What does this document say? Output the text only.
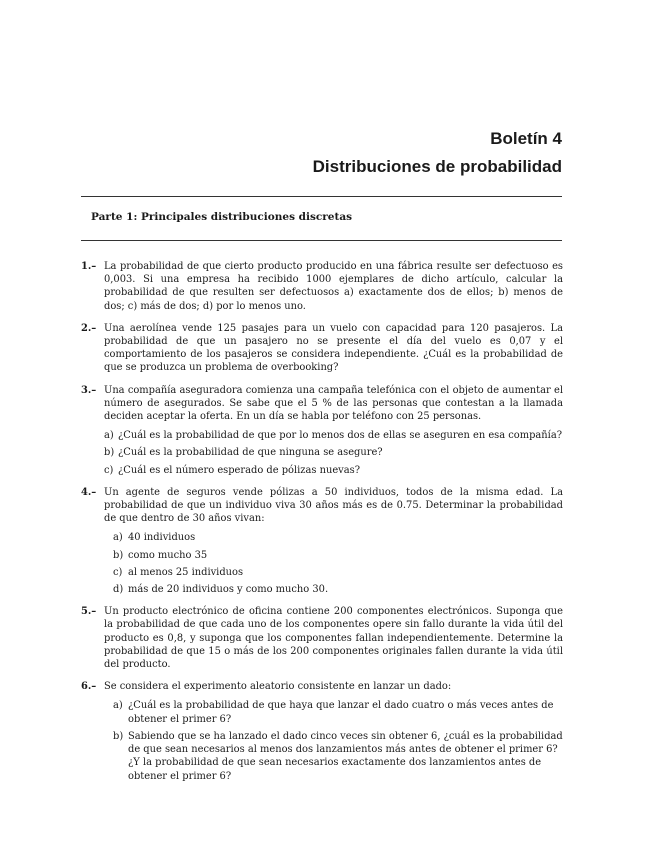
Boletín 4
Distribuciones de probabilidad
Parte 1: Principales distribuciones discretas
1.– La probabilidad de que cierto producto producido en una fábrica resulte ser defectuoso es 0,003. Si una empresa ha recibido 1000 ejemplares de dicho artículo, calcular la probabilidad de que resulten ser defectuosos a) exactamente dos de ellos; b) menos de dos; c) más de dos; d) por lo menos uno.
2.– Una aerolínea vende 125 pasajes para un vuelo con capacidad para 120 pasajeros. La probabilidad de que un pasajero no se presente el día del vuelo es 0,07 y el comportamiento de los pasajeros se considera independiente. ¿Cuál es la probabilidad de que se produzca un problema de overbooking?
3.– Una compañía aseguradora comienza una campaña telefónica con el objeto de aumentar el número de asegurados. Se sabe que el 5 % de las personas que contestan a la llamada deciden aceptar la oferta. En un día se habla por teléfono con 25 personas.
a) ¿Cuál es la probabilidad de que por lo menos dos de ellas se aseguren en esa compañía?
b) ¿Cuál es la probabilidad de que ninguna se asegure?
c) ¿Cuál es el número esperado de pólizas nuevas?
4.– Un agente de seguros vende pólizas a 50 individuos, todos de la misma edad. La probabilidad de que un individuo viva 30 años más es de 0.75. Determinar la probabilidad de que dentro de 30 años vivan:
a) 40 individuos
b) como mucho 35
c) al menos 25 individuos
d) más de 20 individuos y como mucho 30.
5.– Un producto electrónico de oficina contiene 200 componentes electrónicos. Suponga que la probabilidad de que cada uno de los componentes opere sin fallo durante la vida útil del producto es 0,8, y suponga que los componentes fallan independientemente. Determine la probabilidad de que 15 o más de los 200 componentes originales fallen durante la vida útil del producto.
6.– Se considera el experimento aleatorio consistente en lanzar un dado:
a) ¿Cuál es la probabilidad de que haya que lanzar el dado cuatro o más veces antes de obtener el primer 6?
b) Sabiendo que se ha lanzado el dado cinco veces sin obtener 6, ¿cuál es la probabilidad de que sean necesarios al menos dos lanzamientos más antes de obtener el primer 6? ¿Y la probabilidad de que sean necesarios exactamente dos lanzamientos antes de obtener el primer 6?
